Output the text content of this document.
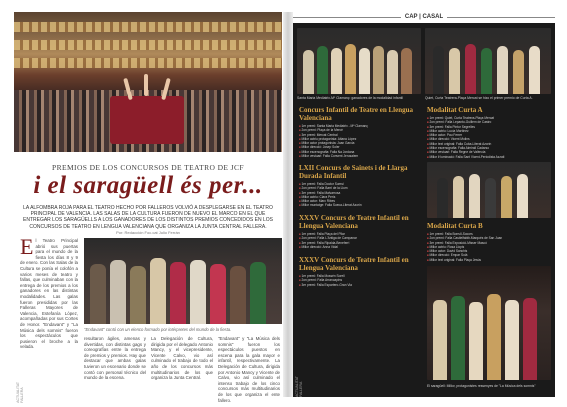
PREMIOS DE LOS CONCURSOS DE TEATRO DE JCF
i el saragüell és per...
LA ALFOMBRA ROJA PARA EL TEATRO HECHO POR FALLEROS VOLVIÓ A DESPLEGARSE EN EL TEATRO PRINCIPAL DE VALENCIA. LAS SALAS DE LA CULTURA FUERON DE NUEVO EL MARCO EN EL QUE ENTREGAR LOS SARAGÜELLS A LOS GANADORES DE LOS DISTINTOS PREMIOS CONCEDIDOS EN LOS CONCURSOS DE TEATRO EN LENGUA VALENCIANA QUE ORGANIZA LA JUNTA CENTRAL FALLERA.
Por: Redacción Foc.cat Julio Ferrán
E l Teatro Principal abrió sus puertas para el mundo de la fiesta los días 8 y 9 de enero. Con las Salas de la Cultura se ponía el colofón a varios meses de teatro y fallas, que culminaban con la entrega de los premios a los ganadores en las distintas modalidades. Las galas fueron presididas por las Falleras Mayores de Valencia, Estefanía López, acompañadas por sus Cortes de Honor. "Endavant" y "La Música dels somnis" fueron los espectáculos que pusieron el broche a la velada.
"Endavant" contó con un elenco formado por intérpretes del mundo de la fiesta.
resultaron ágiles, amenas y divertidas, con distintas gags y coreografías entre la entrega de premios y premios. Hay que destacar que ambas galas tuvieron un escenario donde se contó con personal técnico del mundo de la escena.
La Delegación de Cultura, dirigida por el delegado Antonio Mancy, y el vicepresidente, Vicente Calvo, vio así culminado el trabajo de todo el año de los concursos más multitudinarios de los que organiza la Junta Central.
"Endavant" y "La Música dels somnis" fueron los espectáculos puestos en escena para la gala mayor e infantil, respectivamente. La Delegación de Cultura, dirigida por Antonio Mancy y Vicente de Calvo, vio así culminado el intenso trabajo de los cinco concursos más multitudinarios de los que organiza el ente fallero.
ACTUALITAT FALLERA
CAP | CASAL
Santa Maria Mediatrix-Mº Clamanç: ganadores de la modalidad infantil	Quiet, Curta Teatrera-Plaça Mercat se hizo el primer premio de Curta A.
Concurs Infantil de Teatre en Llengua Valenciana
■ 1er premi: Santa Maria Mediatrix - Mª Clamanç
■ 2on premi: Plaça de la Mercè
■ 3er premi: Mercat Central
■ Millor actriu protagonista: Aitana López
■ Millor actor protagonista: Joan Garcia
■ Millor direcció: Josep Soler
■ Millor escenografia: Falla Na Jordana
■ Millor vestuari: Falla Convent Jerusalem
LXII Concurs de Sainets i de Llarga Durada Infantil
■ 1er premi: Falla Doctor Sumsi
■ 2on premi: Falla Barri de la Llum
■ 3er premi: Falla Malvarrosa
■ Millor actriu: Clara Peris
■ Millor actor: Marc Ribes
■ Millor muntatge: Falla Sueca-Literat Azorín
XXXV Concurs de Teatre Infantil en Llengua Valenciana
■ 1er premi: Falla Plaça del Pilar
■ 2on premi: Falla L'Antiga de Campanar
■ 3er premi: Falla Ripalda-Beneferri
■ Millor direcció: Anna Vidal
XXXV Concurs de Teatre Infantil en Llengua Valenciana
■ 1er premi: Falla Mossén Sorell
■ 2on premi: Falla Arrancapins
■ 3er premi: Falla Espartero-Gran Via
Modalitat Curta A
■ 1er premi: Quiet, Curta Teatrera-Plaça Mercat
■ 2on premi: Falla Lepanto-Guillem de Castro
■ 3er premi: Falla Pintor Segrelles
■ Millor actriu: Lucía Martínez
■ Millor actor: Pau Ferrer
■ Millor direcció: Vicent Molins
■ Millor text original: Falla Cuba-Literat Azorín
■ Millor escenografia: Falla Almirall Cadarso
■ Millor vestuari: Falla Regne de València
■ Millor il·luminació: Falla Sant Vicent-Periodista Azzati
Modalitat Curta B
■ 1er premi: Falla Borrull-Socors
■ 2on premi: Falla Castielfabib-Marqués de San Juan
■ 3er premi: Falla Exposició-Misser Mascó
■ Millor actriu: Rosa Llopis
■ Millor actor: David Sanchis
■ Millor direcció: Empar Solà
■ Millor text original: Falla Plaça Jesús
El saragüell: Millor, protagonistes ressenyes de "La Música dels somnis"
ACTUALITAT FALLERA
